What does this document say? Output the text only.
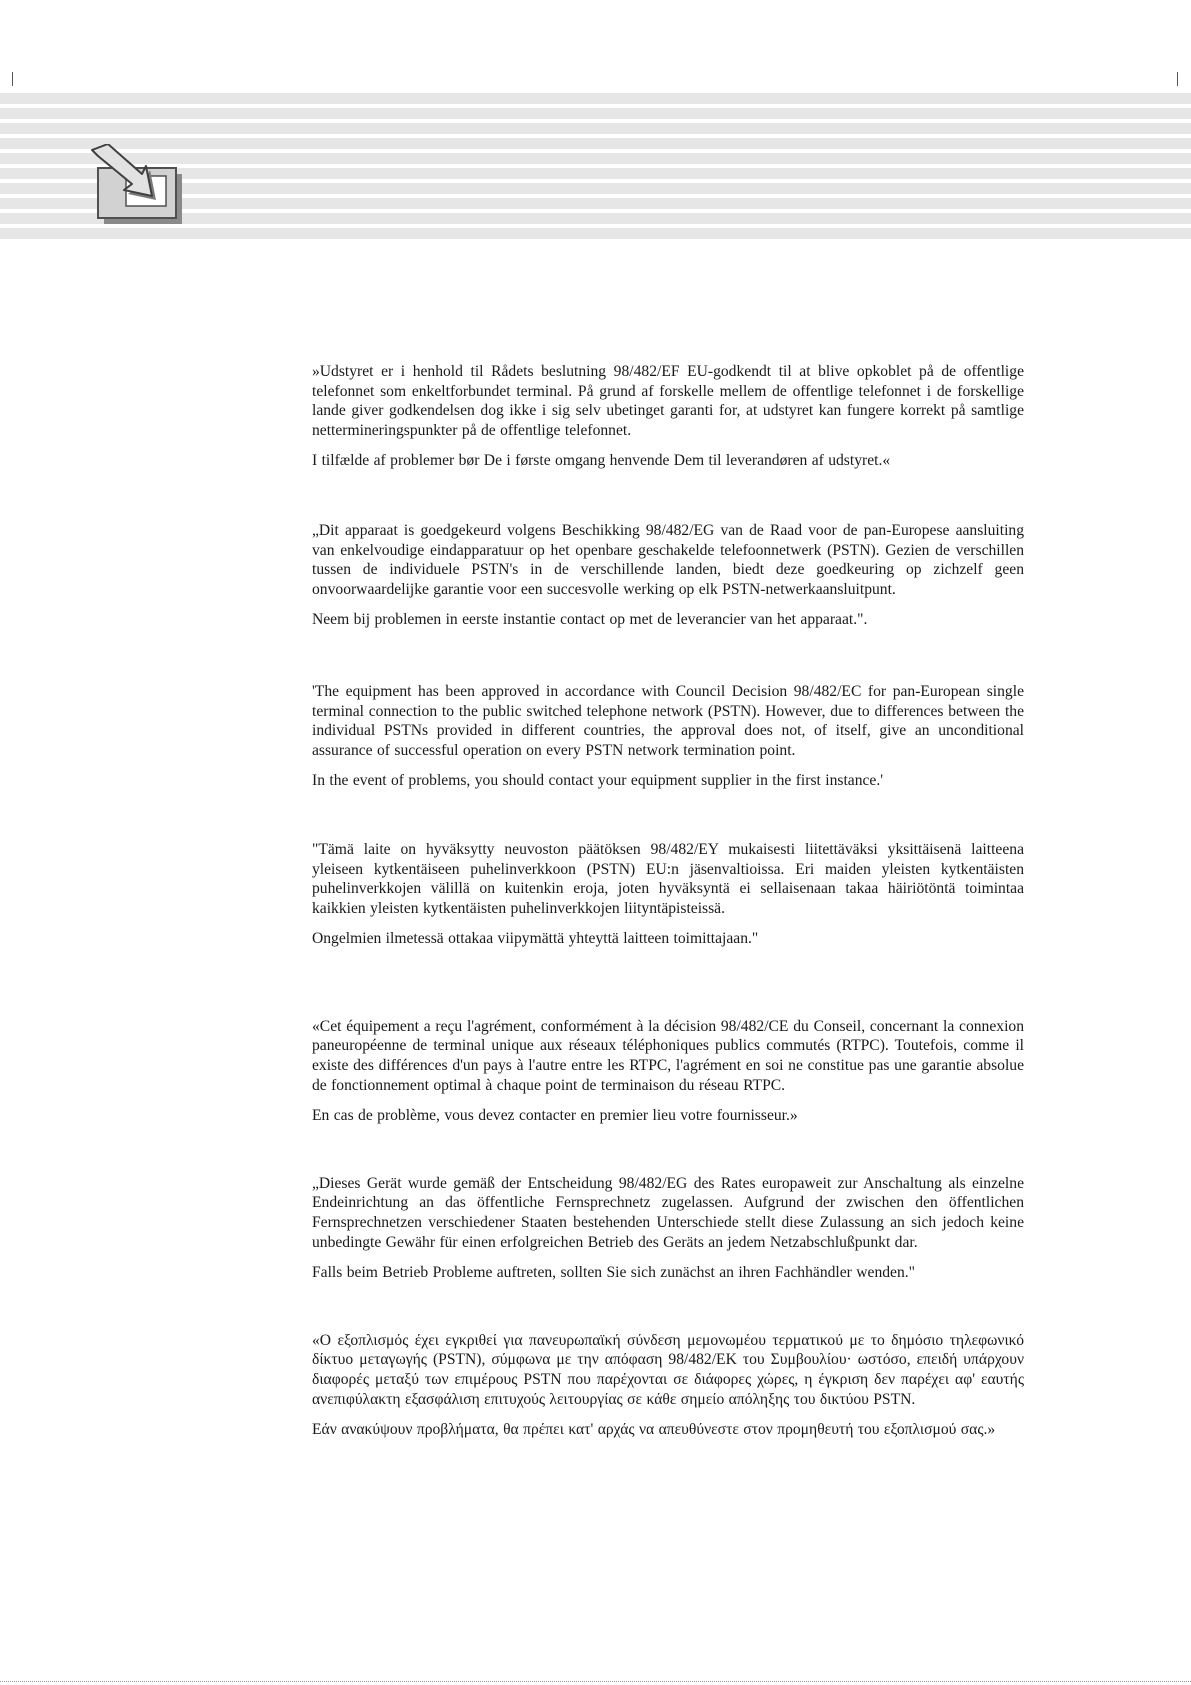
»Udstyret er i henhold til Rådets beslutning 98/482/EF EU-godkendt til at blive opkoblet på de offentlige telefonnet som enkeltforbundet terminal. På grund af forskelle mellem de offentlige telefonnet i de forskellige lande giver godkendelsen dog ikke i sig selv ubetinget garanti for, at udstyret kan fungere korrekt på samtlige nettermineringspunkter på de offentlige telefonnet.

I tilfælde af problemer bør De i første omgang henvende Dem til leverandøren af udstyret.«

„Dit apparaat is goedgekeurd volgens Beschikking 98/482/EG van de Raad voor de pan-Europese aansluiting van enkelvoudige eindapparatuur op het openbare geschakelde telefoonnetwerk (PSTN). Gezien de verschillen tussen de individuele PSTN's in de verschillende landen, biedt deze goedkeuring op zichzelf geen onvoorwaardelijke garantie voor een succesvolle werking op elk PSTN-netwerkaansluitpunt.

Neem bij problemen in eerste instantie contact op met de leverancier van het apparaat.".

'The equipment has been approved in accordance with Council Decision 98/482/EC for pan-European single terminal connection to the public switched telephone network (PSTN). However, due to differences between the individual PSTNs provided in different countries, the approval does not, of itself, give an unconditional assurance of successful operation on every PSTN network termination point.

In the event of problems, you should contact your equipment supplier in the first instance.'

"Tämä laite on hyväksytty neuvoston päätöksen 98/482/EY mukaisesti liitettäväksi yksittäisenä laitteena yleiseen kytkentäiseen puhelinverkkoon (PSTN) EU:n jäsenvaltioissa. Eri maiden yleisten kytkentäisten puhelinverkkojen välillä on kuitenkin eroja, joten hyväksyntä ei sellaisenaan takaa häiriötöntä toimintaa kaikkien yleisten kytkentäisten puhelinverkkojen liityntäpisteissä.

Ongelmien ilmetessä ottakaa viipymättä yhteyttä laitteen toimittajaan."

«Cet équipement a reçu l'agrément, conformément à la décision 98/482/CE du Conseil, concernant la connexion paneuropéenne de terminal unique aux réseaux téléphoniques publics commutés (RTPC). Toutefois, comme il existe des différences d'un pays à l'autre entre les RTPC, l'agrément en soi ne constitue pas une garantie absolue de fonctionnement optimal à chaque point de terminaison du réseau RTPC.

En cas de problème, vous devez contacter en premier lieu votre fournisseur.»

„Dieses Gerät wurde gemäß der Entscheidung 98/482/EG des Rates europaweit zur Anschaltung als einzelne Endeinrichtung an das öffentliche Fernsprechnetz zugelassen. Aufgrund der zwischen den öffentlichen Fernsprechnetzen verschiedener Staaten bestehenden Unterschiede stellt diese Zulassung an sich jedoch keine unbedingte Gewähr für einen erfolgreichen Betrieb des Geräts an jedem Netzabschlußpunkt dar.

Falls beim Betrieb Probleme auftreten, sollten Sie sich zunächst an ihren Fachhändler wenden."

«Ο εξοπλισμός έχει εγκριθεί για πανευρωπαϊκή σύνδεση μεμονωμέου τερματικού με το δημόσιο τηλεφωνικό δίκτυο μεταγωγής (PSTN), σύμφωνα με την απόφαση 98/482/ΕΚ του Συμβουλίου· ωστόσο, επειδή υπάρχουν διαφορές μεταξύ των επιμέρους PSTN που παρέχονται σε διάφορες χώρες, η έγκριση δεν παρέχει αφ' εαυτής ανεπιφύλακτη εξασφάλιση επιτυχούς λειτουργίας σε κάθε σημείο απόληξης του δικτύου PSTN.

Εάν ανακύψουν προβλήματα, θα πρέπει κατ' αρχάς να απευθύνεστε στον προμηθευτή του εξοπλισμού σας.»
